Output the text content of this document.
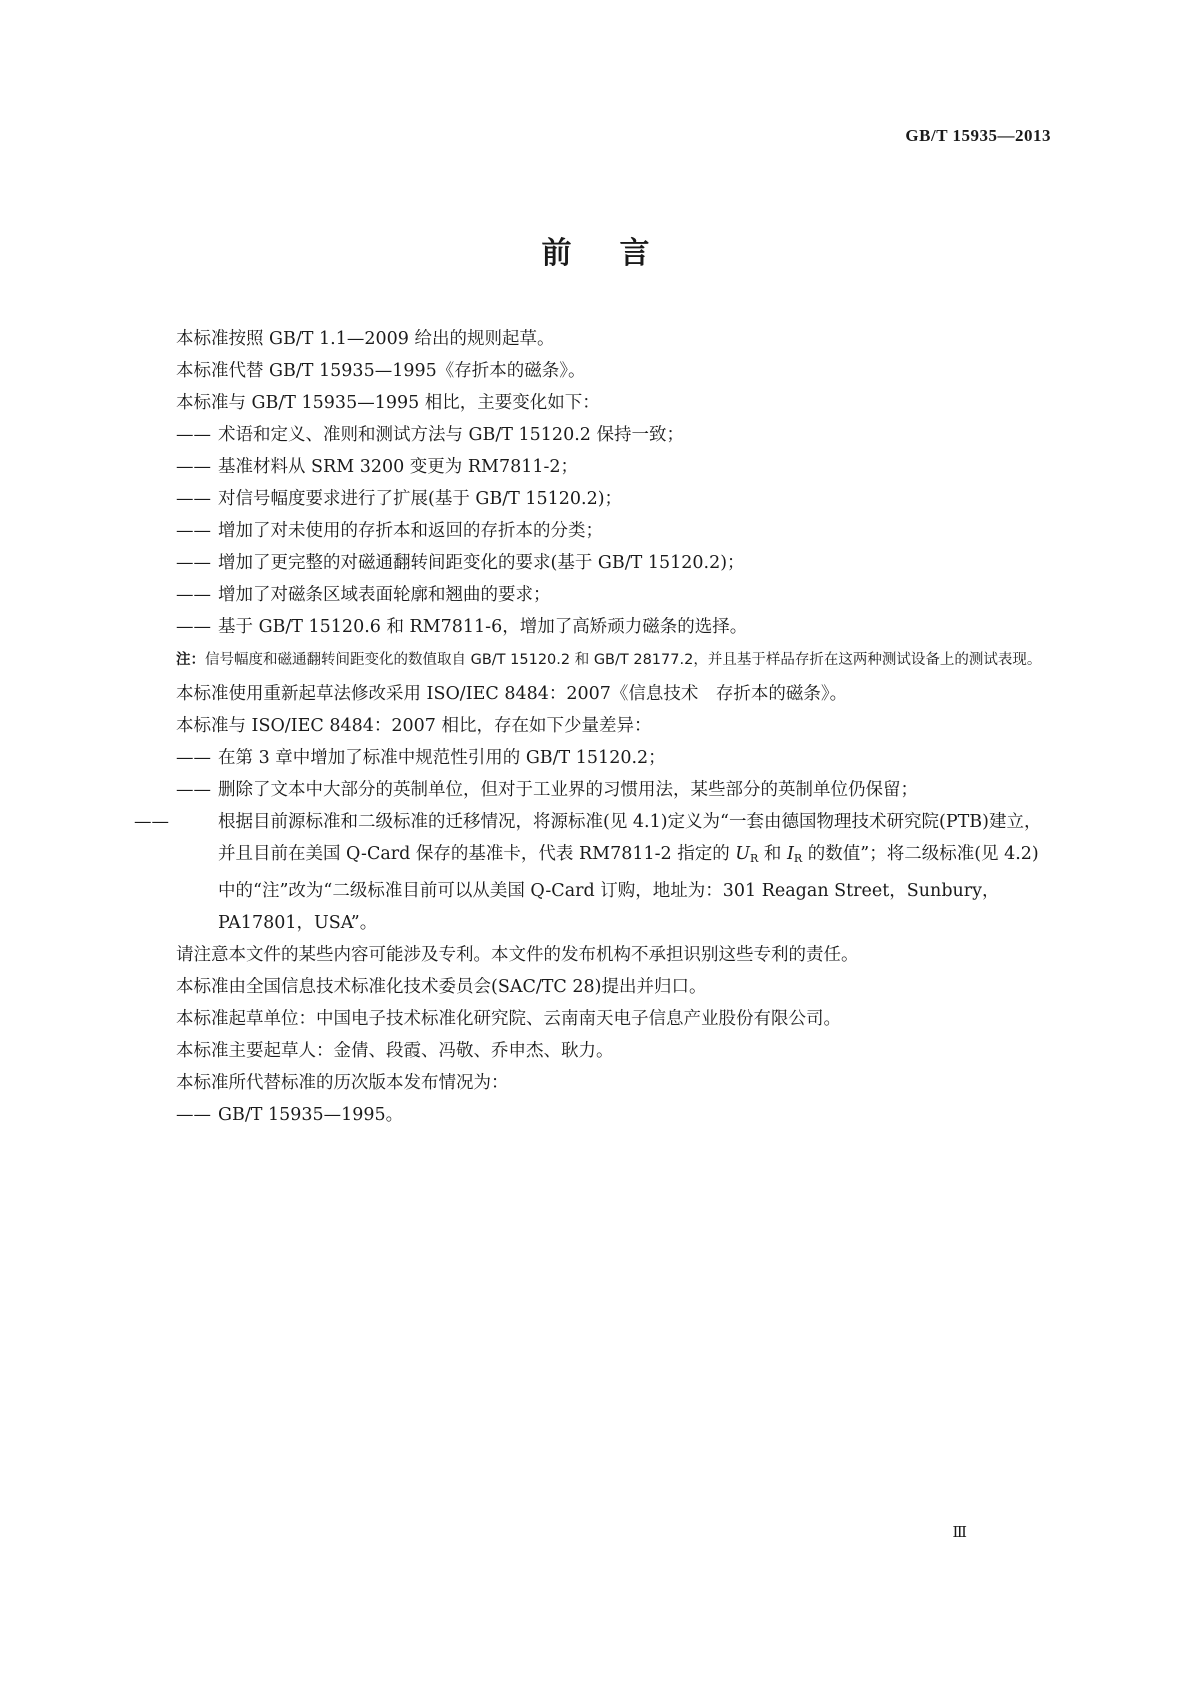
GB/T 15935—2013
前言

本标准按照 GB/T 1.1—2009 给出的规则起草。

本标准代替 GB/T 15935—1995《存折本的磁条》。

本标准与 GB/T 15935—1995 相比，主要变化如下：

—— 术语和定义、准则和测试方法与 GB/T 15120.2 保持一致；

—— 基准材料从 SRM 3200 变更为 RM7811-2；

—— 对信号幅度要求进行了扩展(基于 GB/T 15120.2)；

—— 增加了对未使用的存折本和返回的存折本的分类；

—— 增加了更完整的对磁通翻转间距变化的要求(基于 GB/T 15120.2)；

—— 增加了对磁条区域表面轮廓和翘曲的要求；

—— 基于 GB/T 15120.6 和 RM7811-6，增加了高矫顽力磁条的选择。

注：信号幅度和磁通翻转间距变化的数值取自 GB/T 15120.2 和 GB/T 28177.2，并且基于样品存折在这两种测试设备上的测试表现。

本标准使用重新起草法修改采用 ISO/IEC 8484：2007《信息技术　存折本的磁条》。

本标准与 ISO/IEC 8484：2007 相比，存在如下少量差异：

—— 在第 3 章中增加了标准中规范性引用的 GB/T 15120.2；

—— 删除了文本中大部分的英制单位，但对于工业界的习惯用法，某些部分的英制单位仍保留；

——	根据目前源标准和二级标准的迁移情况，将源标准(见 4.1)定义为“一套由德国物理技术研究院(PTB)建立，并且目前在美国 Q-Card 保存的基准卡，代表 RM7811-2 指定的 $U_R$ 和 $I_R$ 的数值”；将二级标准(见 4.2)中的“注”改为“二级标准目前可以从美国 Q-Card 订购，地址为：301 Reagan Street，Sunbury，PA17801，USA”。

请注意本文件的某些内容可能涉及专利。本文件的发布机构不承担识别这些专利的责任。

本标准由全国信息技术标准化技术委员会(SAC/TC 28)提出并归口。

本标准起草单位：中国电子技术标准化研究院、云南南天电子信息产业股份有限公司。

本标准主要起草人：金倩、段霞、冯敬、乔申杰、耿力。

本标准所代替标准的历次版本发布情况为：

—— GB/T 15935—1995。

Ⅲ
